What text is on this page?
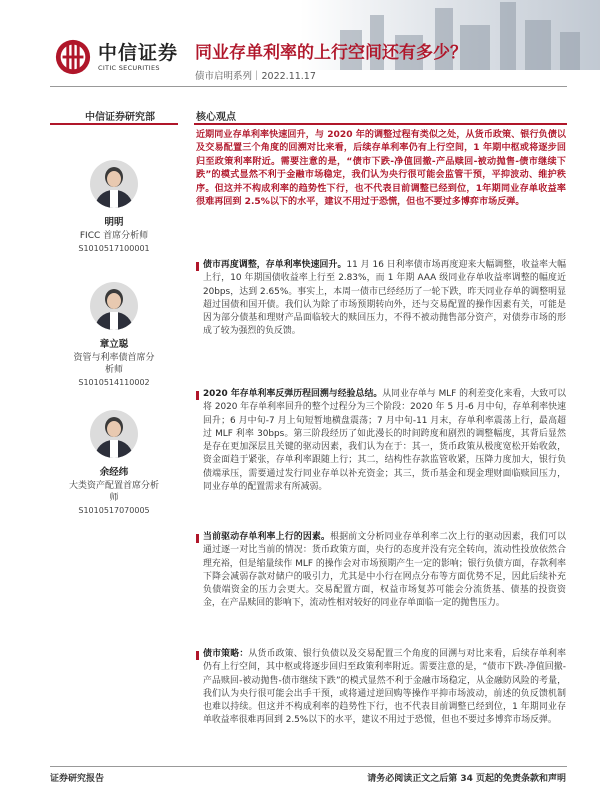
中信证券
CITIC SECURITIES
同业存单利率的上行空间还有多少？
债市启明系列｜2022.11.17
中信证券研究部	核心观点
明明
FICC 首席分析师
S1010517100001
章立聪
资管与利率债首席分析师
S1010514110002
余经纬
大类资产配置首席分析师
S1010517070005
近期同业存单利率快速回升，与 2020 年的调整过程有类似之处，从货币政策、银行负债以及交易配置三个角度的回溯对比来看，后续存单利率仍有上行空间，1 年期中枢或将逐步回归至政策利率附近。需要注意的是，“债市下跌-净值回撤-产品赎回-被动抛售-债市继续下跌”的模式显然不利于金融市场稳定，我们认为央行很可能会监管干预，平抑波动、维护秩序。但这并不构成利率的趋势性下行，也不代表目前调整已经到位，1年期同业存单收益率很难再回到 2.5%以下的水平，建议不用过于恐慌，但也不要过多博弈市场反弹。
债市再度调整，存单利率快速回升。11 月 16 日利率债市场再度迎来大幅调整，收益率大幅上行，10 年期国债收益率上行至 2.83%，而 1 年期 AAA 级同业存单收益率调整的幅度近 20bps，达到 2.65%。事实上，本周一债市已经经历了一轮下跌，昨天同业存单的调整明显超过国债和国开债。我们认为除了市场预期转向外，还与交易配置的操作因素有关，可能是因为部分债基和理财产品面临较大的赎回压力，不得不被动抛售部分资产，对债券市场的形成了较为强烈的负反馈。
2020 年存单利率反弹历程回溯与经验总结。从同业存单与 MLF 的利差变化来看，大致可以将 2020 年存单利率回升的整个过程分为三个阶段：2020 年 5 月-6 月中旬，存单利率快速回升；6 月中旬-7 月上旬短暂地横盘震荡；7 月中旬-11 月末，存单利率震荡上行，最高超过 MLF 利率 30bps。第三阶段经历了如此漫长的时间跨度和剧烈的调整幅度，其背后显然是存在更加深层且关键的驱动因素，我们认为在于：其一，货币政策从极度宽松开始收敛，资金面趋于紧张，存单利率跟随上行；其二，结构性存款监管收紧，压降力度加大，银行负债端承压，需要通过发行同业存单以补充资金；其三，货币基金和现金理财面临赎回压力，同业存单的配置需求有所减弱。
当前驱动存单利率上行的因素。根据前文分析同业存单利率二次上行的驱动因素，我们可以通过逐一对比当前的情况：货币政策方面，央行的态度并没有完全转向，流动性投放依然合理充裕，但是缩量续作 MLF 的操作会对市场预期产生一定的影响；银行负债方面，存款利率下降会减弱存款对储户的吸引力，尤其是中小行在网点分布等方面优势不足，因此后续补充负债端资金的压力会更大。交易配置方面，权益市场复苏可能会分流货基、债基的投资资金，在产品赎回的影响下，流动性相对较好的同业存单面临一定的抛售压力。
债市策略：从货币政策、银行负债以及交易配置三个角度的回溯与对比来看，后续存单利率仍有上行空间，其中枢或将逐步回归至政策利率附近。需要注意的是，“债市下跌-净值回撤-产品赎回-被动抛售-债市继续下跌”的模式显然不利于金融市场稳定，从金融防风险的考量，我们认为央行很可能会出手干预，或将通过逆回购等操作平抑市场波动，前述的负反馈机制也难以持续。但这并不构成利率的趋势性下行，也不代表目前调整已经到位，1 年期同业存单收益率很难再回到 2.5%以下的水平，建议不用过于恐慌，但也不要过多博弈市场反弹。
证券研究报告	请务必阅读正文之后第 34 页起的免责条款和声明
